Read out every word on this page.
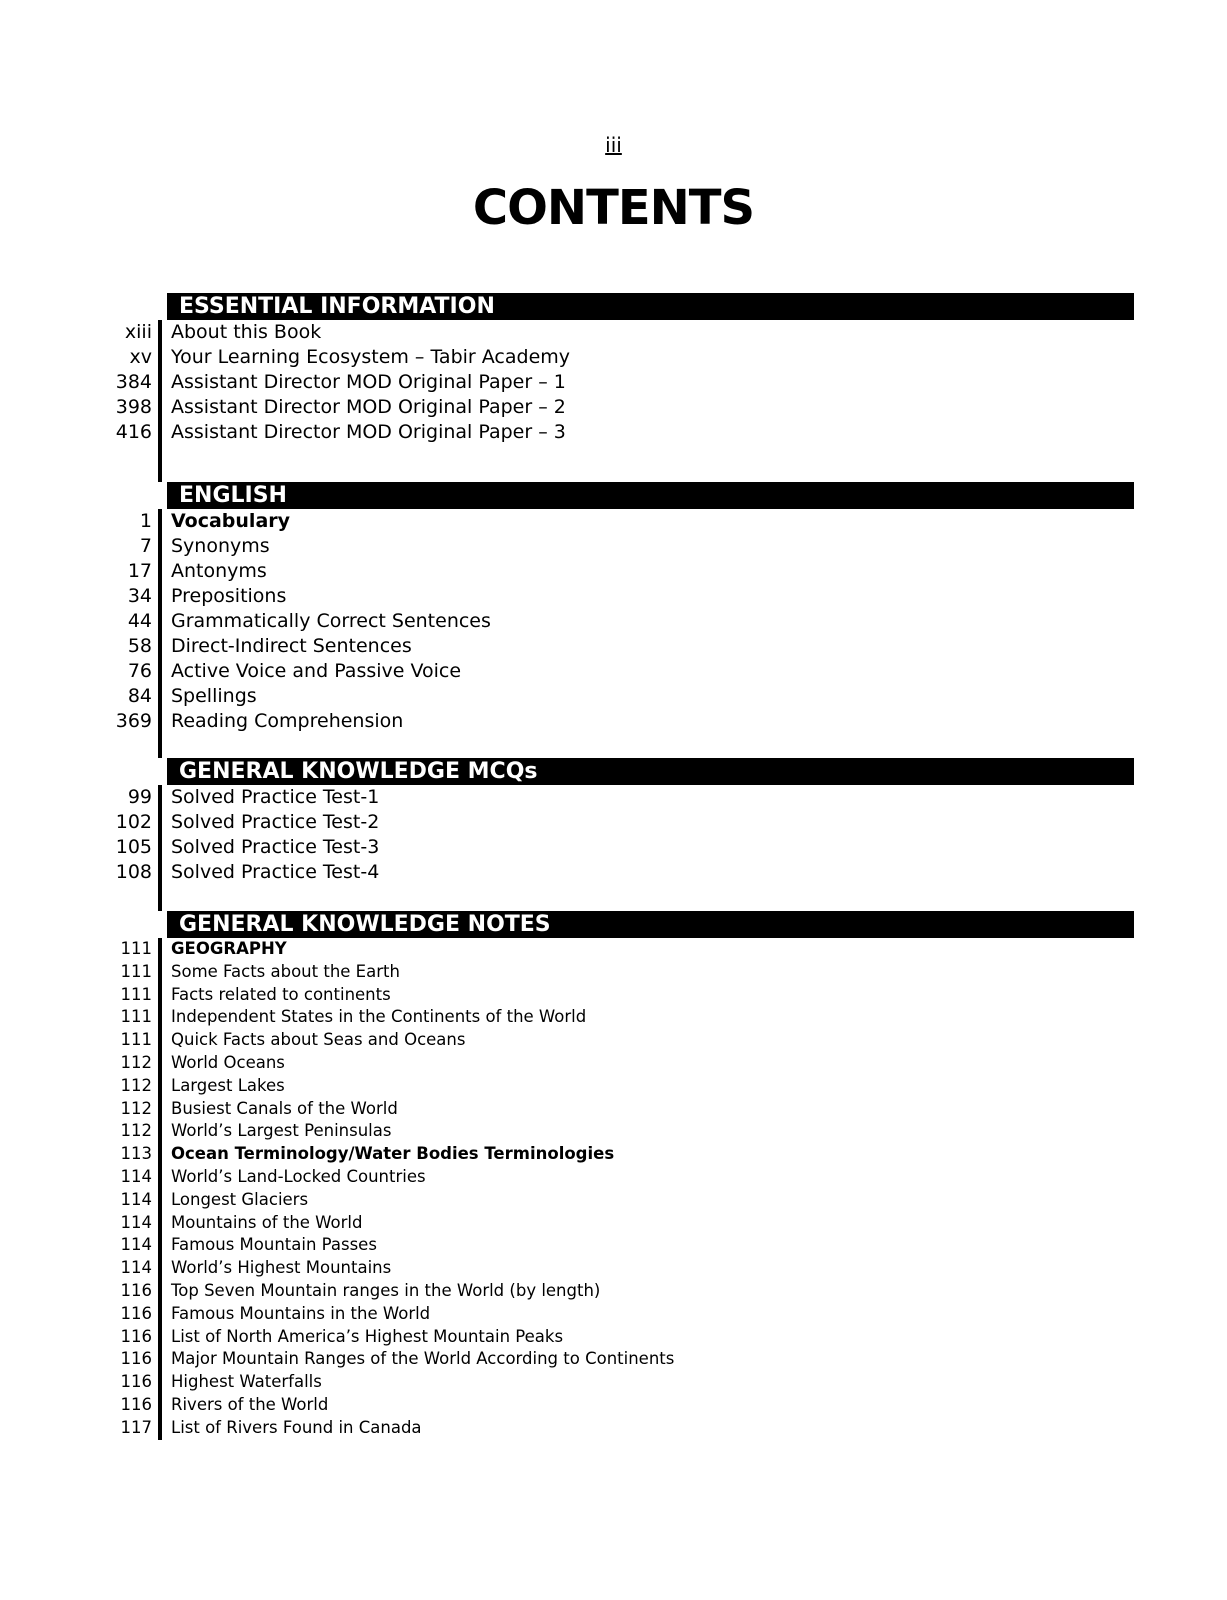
iii
CONTENTS
ESSENTIAL INFORMATION
xiii	About this Book
xv	Your Learning Ecosystem – Tabir Academy
384	Assistant Director MOD Original Paper – 1
398	Assistant Director MOD Original Paper – 2
416	Assistant Director MOD Original Paper – 3
ENGLISH
1	Vocabulary
7	Synonyms
17	Antonyms
34	Prepositions
44	Grammatically Correct Sentences
58	Direct-Indirect Sentences
76	Active Voice and Passive Voice
84	Spellings
369	Reading Comprehension
GENERAL KNOWLEDGE MCQs
99	Solved Practice Test-1
102	Solved Practice Test-2
105	Solved Practice Test-3
108	Solved Practice Test-4
GENERAL KNOWLEDGE NOTES
111	GEOGRAPHY
111	Some Facts about the Earth
111	Facts related to continents
111	Independent States in the Continents of the World
111	Quick Facts about Seas and Oceans
112	World Oceans
112	Largest Lakes
112	Busiest Canals of the World
112	World’s Largest Peninsulas
113	Ocean Terminology/Water Bodies Terminologies
114	World’s Land-Locked Countries
114	Longest Glaciers
114	Mountains of the World
114	Famous Mountain Passes
114	World’s Highest Mountains
116	Top Seven Mountain ranges in the World (by length)
116	Famous Mountains in the World
116	List of North America’s Highest Mountain Peaks
116	Major Mountain Ranges of the World According to Continents
116	Highest Waterfalls
116	Rivers of the World
117	List of Rivers Found in Canada
